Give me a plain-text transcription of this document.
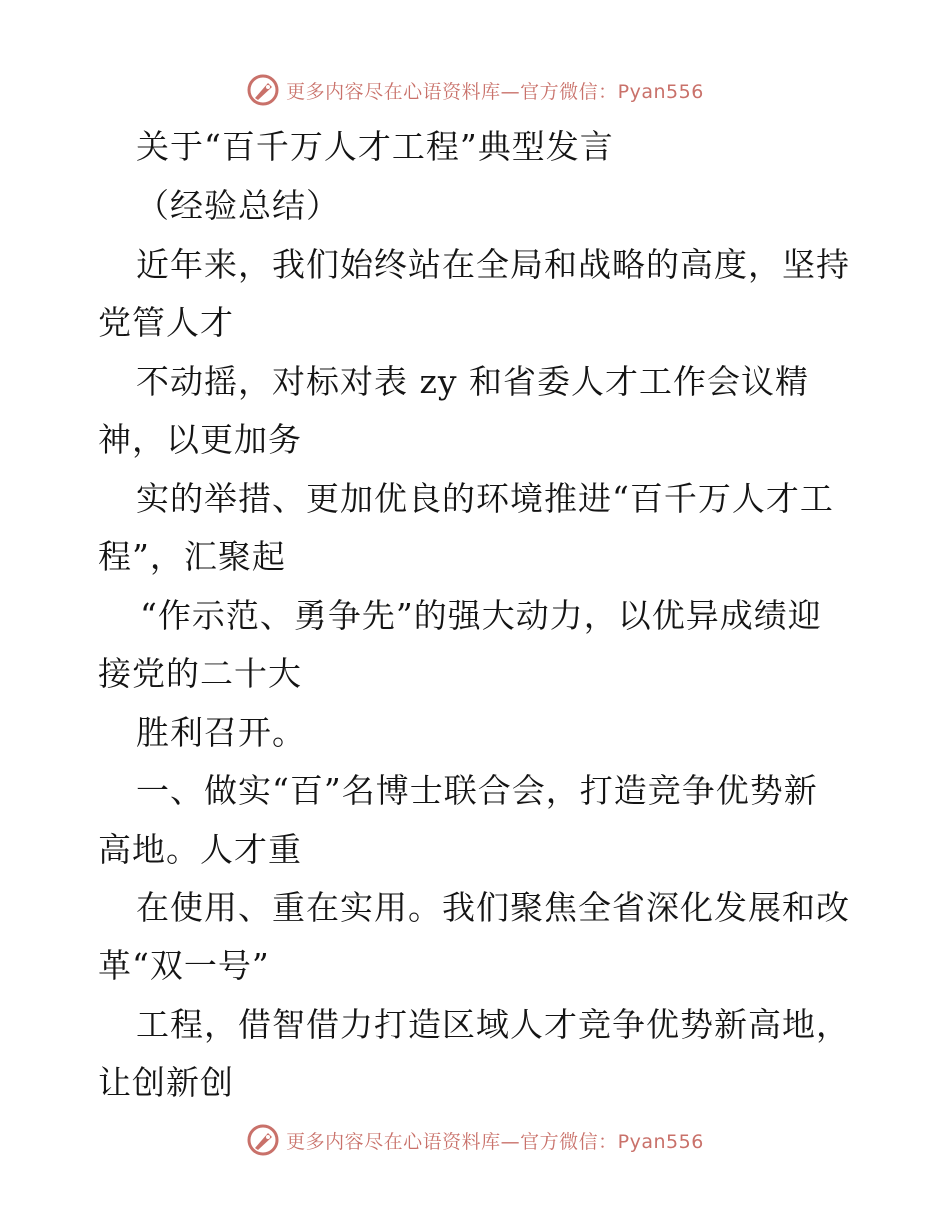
更多内容尽在心语资料库—官方微信：Pyan556
关于“百千万人才工程”典型发言
（经验总结）
近年来，我们始终站在全局和战略的高度，坚持
党管人才
不动摇，对标对表 zy 和省委人才工作会议精
神，以更加务
实的举措、更加优良的环境推进“百千万人才工
程”，汇聚起
“作示范、勇争先”的强大动力，以优异成绩迎
接党的二十大
胜利召开。
一、做实“百”名博士联合会，打造竞争优势新
高地。人才重
在使用、重在实用。我们聚焦全省深化发展和改
革“双一号”
工程，借智借力打造区域人才竞争优势新高地，
让创新创
更多内容尽在心语资料库—官方微信：Pyan556
